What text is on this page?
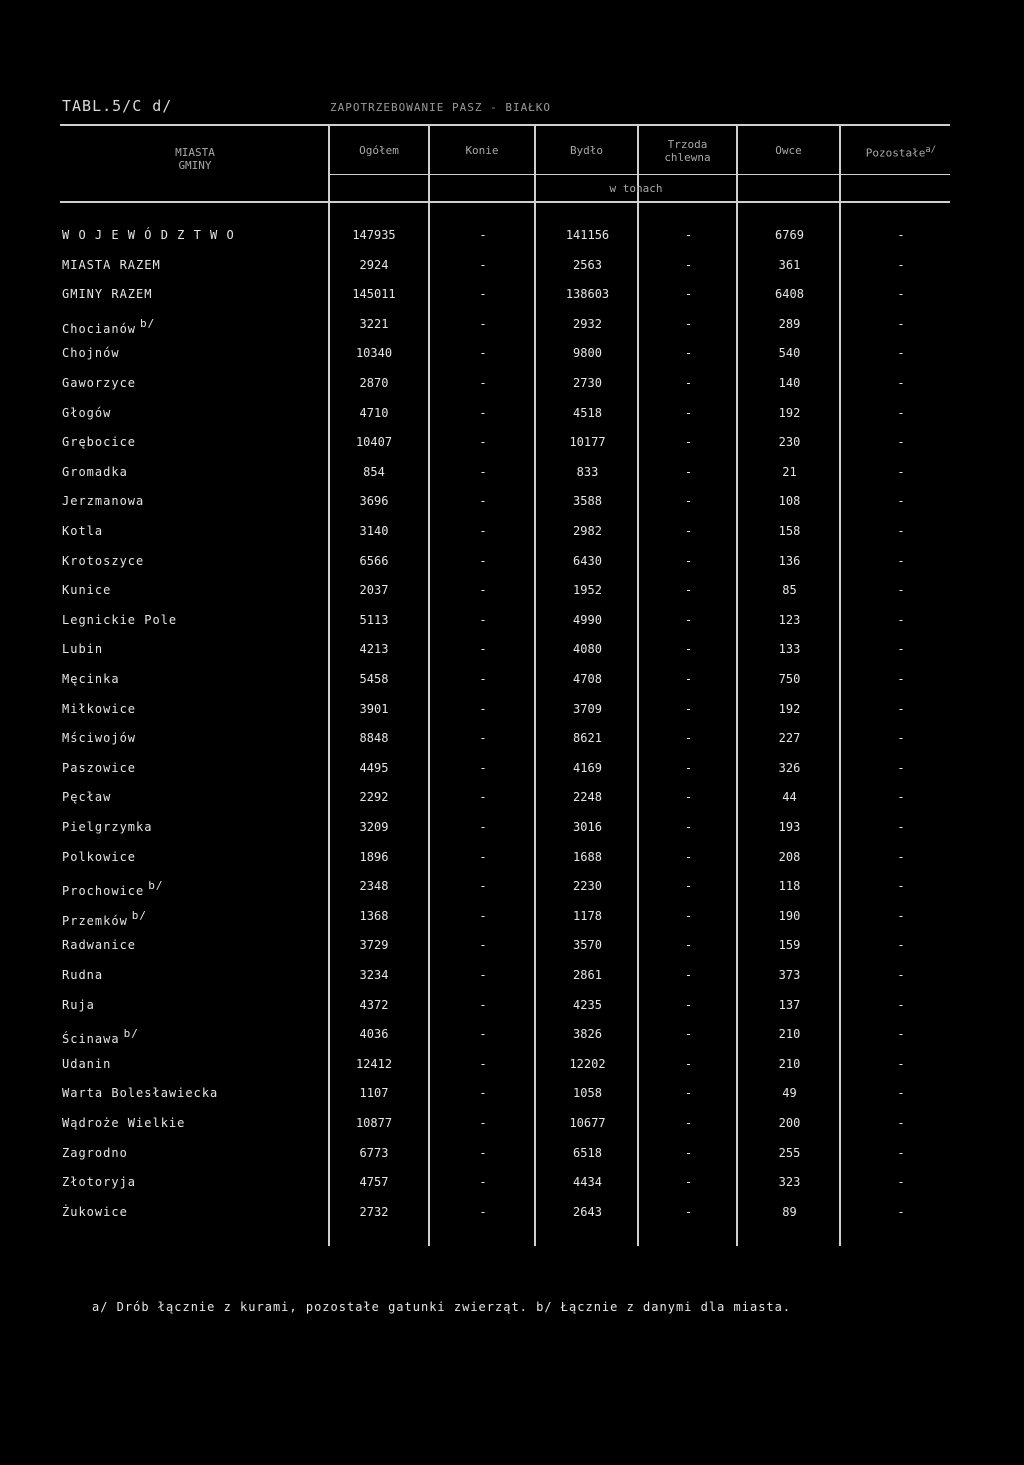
TABL.5/C d/	ZAPOTRZEBOWANIE PASZ - BIAŁKO
MIASTA
GMINY
Ogółem	Konie	Bydło	Trzoda
chlewna
Owce	Pozostałe$^{a/}$
w tonach
W O J E W Ó D Z T W O	147935	-	141156	-	6769	-
MIASTA RAZEM	2924	-	2563	-	361	-
GMINY RAZEM	145011	-	138603	-	6408	-
Chocianów $^{b/}$	3221	-	2932	-	289	-
Chojnów	10340	-	9800	-	540	-
Gaworzyce	2870	-	2730	-	140	-
Głogów	4710	-	4518	-	192	-
Grębocice	10407	-	10177	-	230	-
Gromadka	854	-	833	-	21	-
Jerzmanowa	3696	-	3588	-	108	-
Kotla	3140	-	2982	-	158	-
Krotoszyce	6566	-	6430	-	136	-
Kunice	2037	-	1952	-	85	-
Legnickie Pole	5113	-	4990	-	123	-
Lubin	4213	-	4080	-	133	-
Męcinka	5458	-	4708	-	750	-
Miłkowice	3901	-	3709	-	192	-
Mściwojów	8848	-	8621	-	227	-
Paszowice	4495	-	4169	-	326	-
Pęcław	2292	-	2248	-	44	-
Pielgrzymka	3209	-	3016	-	193	-
Polkowice	1896	-	1688	-	208	-
Prochowice $^{b/}$	2348	-	2230	-	118	-
Przemków $^{b/}$	1368	-	1178	-	190	-
Radwanice	3729	-	3570	-	159	-
Rudna	3234	-	2861	-	373	-
Ruja	4372	-	4235	-	137	-
Ścinawa $^{b/}$	4036	-	3826	-	210	-
Udanin	12412	-	12202	-	210	-
Warta Bolesławiecka	1107	-	1058	-	49	-
Wądroże Wielkie	10877	-	10677	-	200	-
Zagrodno	6773	-	6518	-	255	-
Złotoryja	4757	-	4434	-	323	-
Żukowice	2732	-	2643	-	89	-
a/ Drób łącznie z kurami, pozostałe gatunki zwierząt. b/ Łącznie z danymi dla miasta.
